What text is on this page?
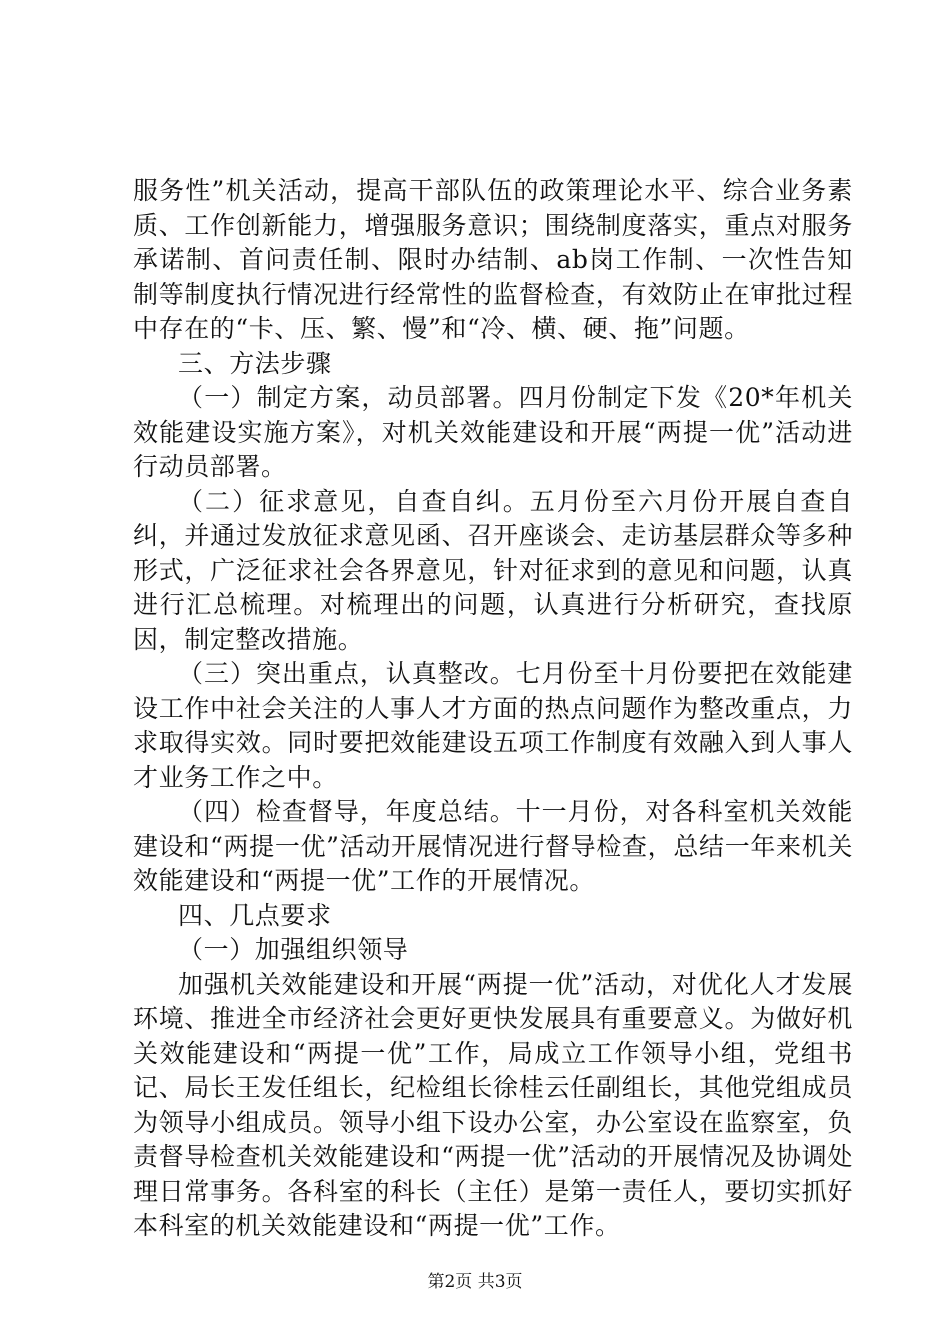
服务性”机关活动，提高干部队伍的政策理论水平、综合业务素质、工作创新能力，增强服务意识；围绕制度落实，重点对服务承诺制、首问责任制、限时办结制、ab岗工作制、一次性告知制等制度执行情况进行经常性的监督检查，有效防止在审批过程中存在的“卡、压、繁、慢”和“冷、横、硬、拖”问题。

三、方法步骤

（一）制定方案，动员部署。四月份制定下发《20*年机关效能建设实施方案》，对机关效能建设和开展“两提一优”活动进行动员部署。

（二）征求意见，自查自纠。五月份至六月份开展自查自纠，并通过发放征求意见函、召开座谈会、走访基层群众等多种形式，广泛征求社会各界意见，针对征求到的意见和问题，认真进行汇总梳理。对梳理出的问题，认真进行分析研究，查找原因，制定整改措施。

（三）突出重点，认真整改。七月份至十月份要把在效能建设工作中社会关注的人事人才方面的热点问题作为整改重点，力求取得实效。同时要把效能建设五项工作制度有效融入到人事人才业务工作之中。

（四）检查督导，年度总结。十一月份，对各科室机关效能建设和“两提一优”活动开展情况进行督导检查，总结一年来机关效能建设和“两提一优”工作的开展情况。

四、几点要求

（一）加强组织领导

加强机关效能建设和开展“两提一优”活动，对优化人才发展环境、推进全市经济社会更好更快发展具有重要意义。为做好机关效能建设和“两提一优”工作，局成立工作领导小组，党组书记、局长王发任组长，纪检组长徐桂云任副组长，其他党组成员为领导小组成员。领导小组下设办公室，办公室设在监察室，负责督导检查机关效能建设和“两提一优”活动的开展情况及协调处理日常事务。各科室的科长（主任）是第一责任人，要切实抓好本科室的机关效能建设和“两提一优”工作。

第2页 共3页
